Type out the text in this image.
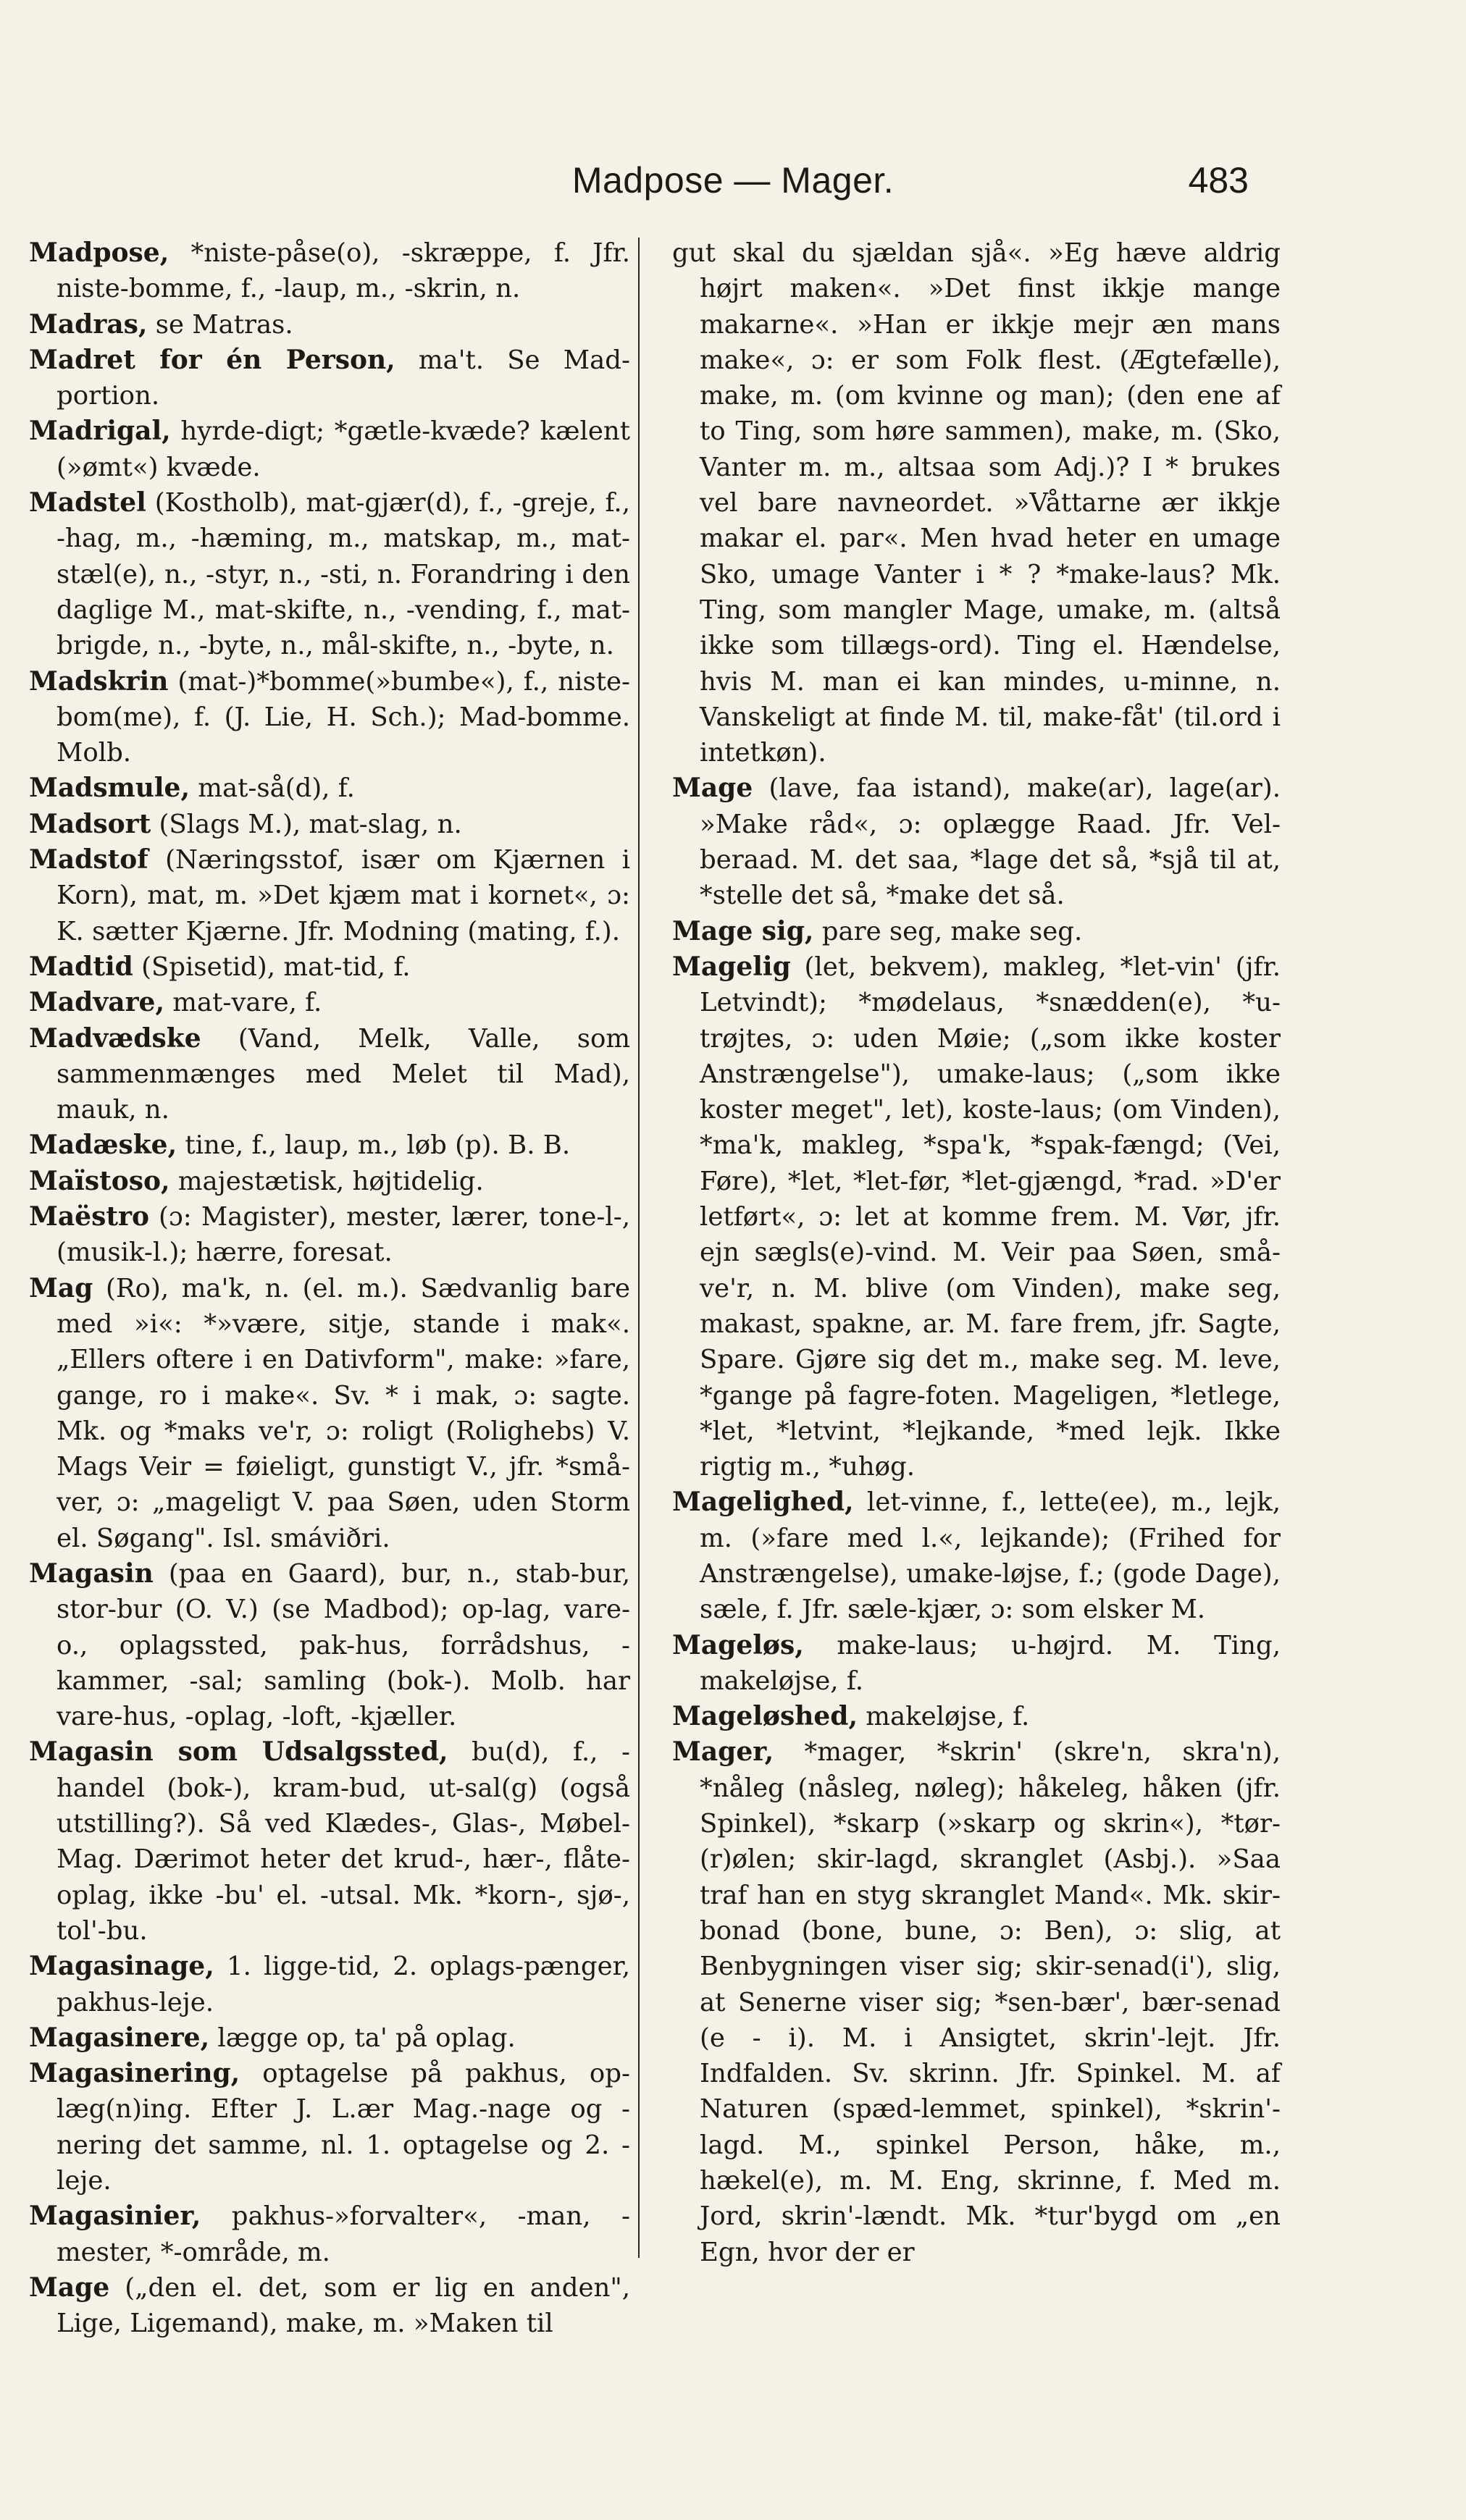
Madpose — Mager.	483

Madpose, *niste-påse(o), -skræppe, f. Jfr. niste-bomme, f., -laup, m., -skrin, n.

Madras, se Matras.

Madret for én Person, ma't. Se Mad-portion.

Madrigal, hyrde-digt; *gætle-kvæde? kælent (»ømt«) kvæde.

Madstel (Kostholb), mat-gjær(d), f., -greje, f., -hag, m., -hæming, m., matskap, m., mat-stæl(e), n., -styr, n., -sti, n. Forandring i den daglige M., mat-skifte, n., -vending, f., mat-brigde, n., -byte, n., mål-skifte, n., -byte, n.

Madskrin (mat-)*bomme(»bumbe«), f., niste-bom(me), f. (J. Lie, H. Sch.); Mad-bomme. Molb.

Madsmule, mat-så(d), f.

Madsort (Slags M.), mat-slag, n.

Madstof (Næringsstof, især om Kjærnen i Korn), mat, m. »Det kjæm mat i kornet«, ɔ: K. sætter Kjærne. Jfr. Modning (mating, f.).

Madtid (Spisetid), mat-tid, f.

Madvare, mat-vare, f.

Madvædske (Vand, Melk, Valle, som sammenmænges med Melet til Mad), mauk, n.

Madæske, tine, f., laup, m., løb (p). B. B.

Maïstoso, majestætisk, højtidelig.

Maëstro (ɔ: Magister), mester, lærer, tone-l-, (musik-l.); hærre, foresat.

Mag (Ro), ma'k, n. (el. m.). Sædvanlig bare med »i«: *»være, sitje, stande i mak«. „Ellers oftere i en Dativform", make: »fare, gange, ro i make«. Sv. * i mak, ɔ: sagte. Mk. og *maks ve'r, ɔ: roligt (Rolighebs) V. Mags Veir = føieligt, gunstigt V., jfr. *små-ver, ɔ: „mageligt V. paa Søen, uden Storm el. Søgang". Isl. smáviðri.

Magasin (paa en Gaard), bur, n., stab-bur, stor-bur (O. V.) (se Madbod); op-lag, vare-o., oplagssted, pak-hus, forrådshus, -kammer, -sal; samling (bok-). Molb. har vare-hus, -oplag, -loft, -kjæller.

Magasin som Udsalgssted, bu(d), f., -handel (bok-), kram-bud, ut-sal(g) (også utstilling?). Så ved Klædes-, Glas-, Møbel-Mag. Dærimot heter det krud-, hær-, flåte-oplag, ikke -bu' el. -utsal. Mk. *korn-, sjø-, tol'-bu.

Magasinage, 1. ligge-tid, 2. oplags-pænger, pakhus-leje.

Magasinere, lægge op, ta' på oplag.

Magasinering, optagelse på pakhus, op-læg(n)ing. Efter J. L.ær Mag.-nage og -nering det samme, nl. 1. optagelse og 2. -leje.

Magasinier, pakhus-»forvalter«, -man, -mester, *-område, m.

Mage („den el. det, som er lig en anden", Lige, Ligemand), make, m. »Maken til

gut skal du sjældan sjå«. »Eg hæve aldrig højrt maken«. »Det finst ikkje mange makarne«. »Han er ikkje mejr æn mans make«, ɔ: er som Folk flest. (Ægtefælle), make, m. (om kvinne og man); (den ene af to Ting, som høre sammen), make, m. (Sko, Vanter m. m., altsaa som Adj.)? I * brukes vel bare navneordet. »Våttarne ær ikkje makar el. par«. Men hvad heter en umage Sko, umage Vanter i * ? *make-laus? Mk. Ting, som mangler Mage, umake, m. (altså ikke som tillægs-ord). Ting el. Hændelse, hvis M. man ei kan mindes, u-minne, n. Vanskeligt at finde M. til, make-fåt' (til.ord i intetkøn).

Mage (lave, faa istand), make(ar), lage(ar). »Make råd«, ɔ: oplægge Raad. Jfr. Vel-beraad. M. det saa, *lage det så, *sjå til at, *stelle det så, *make det så.

Mage sig, pare seg, make seg.

Magelig (let, bekvem), makleg, *let-vin' (jfr. Letvindt); *mødelaus, *snædden(e), *u-trøjtes, ɔ: uden Møie; („som ikke koster Anstrængelse"), umake-laus; („som ikke koster meget", let), koste-laus; (om Vinden), *ma'k, makleg, *spa'k, *spak-fængd; (Vei, Føre), *let, *let-før, *let-gjængd, *rad. »D'er letført«, ɔ: let at komme frem. M. Vør, jfr. ejn sægls(e)-vind. M. Veir paa Søen, små-ve'r, n. M. blive (om Vinden), make seg, makast, spakne, ar. M. fare frem, jfr. Sagte, Spare. Gjøre sig det m., make seg. M. leve, *gange på fagre-foten. Mageligen, *letlege, *let, *letvint, *lejkande, *med lejk. Ikke rigtig m., *uhøg.

Magelighed, let-vinne, f., lette(ee), m., lejk, m. (»fare med l.«, lejkande); (Frihed for Anstrængelse), umake-løjse, f.; (gode Dage), sæle, f. Jfr. sæle-kjær, ɔ: som elsker M.

Mageløs, make-laus; u-højrd. M. Ting, makeløjse, f.

Mageløshed, makeløjse, f.

Mager, *mager, *skrin' (skre'n, skra'n), *nåleg (nåsleg, nøleg); håkeleg, håken (jfr. Spinkel), *skarp (»skarp og skrin«), *tør-(r)ølen; skir-lagd, skranglet (Asbj.). »Saa traf han en styg skranglet Mand«. Mk. skir-bonad (bone, bune, ɔ: Ben), ɔ: slig, at Benbygningen viser sig; skir-senad(i'), slig, at Senerne viser sig; *sen-bær', bær-senad (e - i). M. i Ansigtet, skrin'-lejt. Jfr. Indfalden. Sv. skrinn. Jfr. Spinkel. M. af Naturen (spæd-lemmet, spinkel), *skrin'-lagd. M., spinkel Person, håke, m., hækel(e), m. M. Eng, skrinne, f. Med m. Jord, skrin'-lændt. Mk. *tur'bygd om „en Egn, hvor der er
